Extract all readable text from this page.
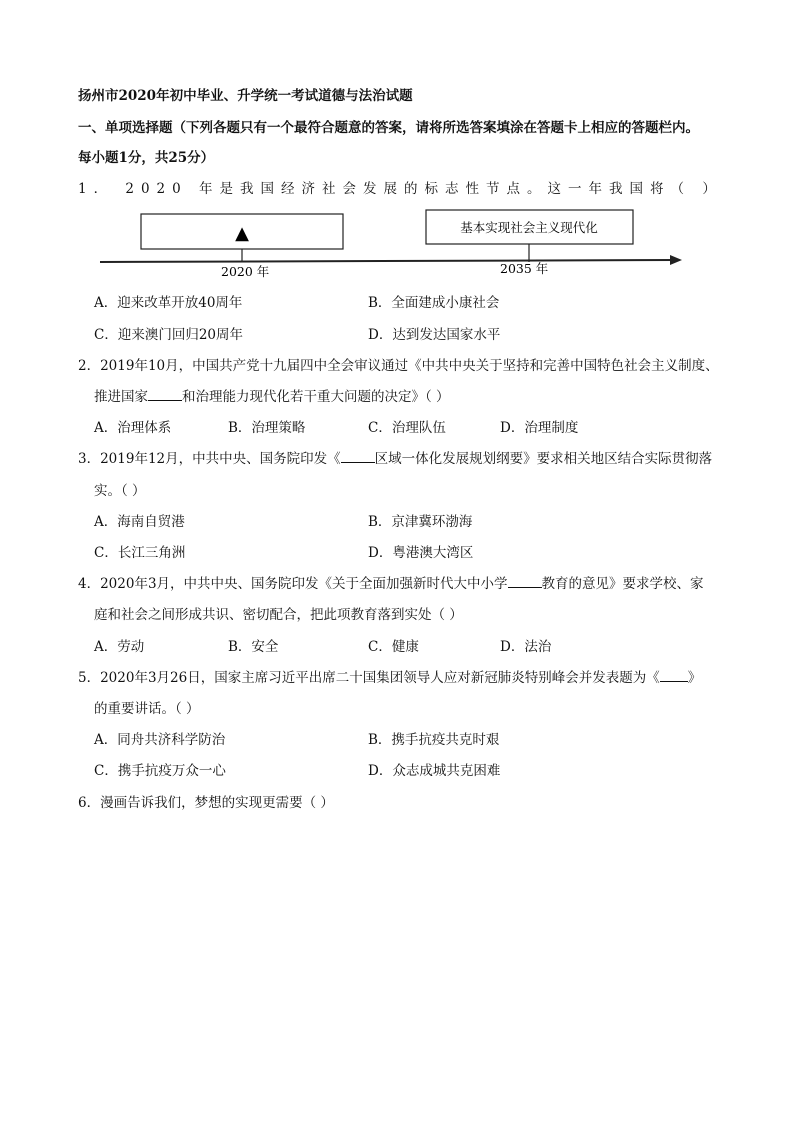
扬州市2020年初中毕业、升学统一考试道德与法治试题
一、单项选择题（下列各题只有一个最符合题意的答案，请将所选答案填涂在答题卡上相应的答题栏内。
每小题1分，共25分）
1． 2020 年是我国经济社会发展的标志性节点。这一年我国将（ ）
▲	基本实现社会主义现代化
2020 年	2035 年
A．迎来改革开放40周年	B．全面建成小康社会
C．迎来澳门回归20周年	D．达到发达国家水平
2．2019年10月，中国共产党十九届四中全会审议通过《中共中央关于坚持和完善中国特色社会主义制度、
推进国家	和治理能力现代化若干重大问题的决定》（ ）
A．治理体系	B．治理策略	C．治理队伍	D．治理制度
3．2019年12月，中共中央、国务院印发《	区域一体化发展规划纲要》要求相关地区结合实际贯彻落
实。（ ）
A．海南自贸港	B．京津冀环渤海
C．长江三角洲	D．粤港澳大湾区
4．2020年3月，中共中央、国务院印发《关于全面加强新时代大中小学	教育的意见》要求学校、家
庭和社会之间形成共识、密切配合，把此项教育落到实处（ ）
A．劳动	B．安全	C．健康	D．法治
5．2020年3月26日，国家主席习近平出席二十国集团领导人应对新冠肺炎特别峰会并发表题为《 》
的重要讲话。（ ）
A．同舟共济科学防治	B．携手抗疫共克时艰
C．携手抗疫万众一心	D．众志成城共克困难
6．漫画告诉我们，梦想的实现更需要（ ）
